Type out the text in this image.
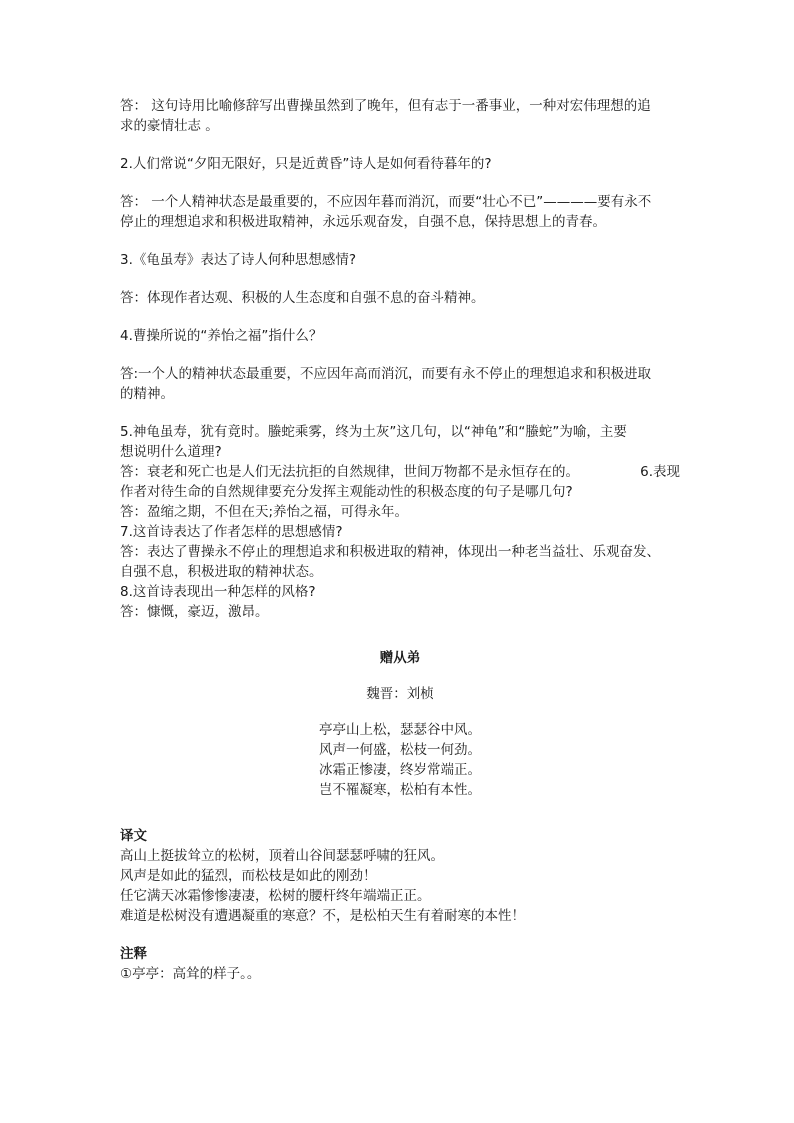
答： 这句诗用比喻修辞写出曹操虽然到了晚年，但有志于一番事业，一种对宏伟理想的追

求的豪情壮志 。

2.人们常说“夕阳无限好，只是近黄昏”诗人是如何看待暮年的?

答： 一个人精神状态是最重要的，不应因年暮而消沉，而要“壮心不已”————要有永不

停止的理想追求和积极进取精神，永远乐观奋发，自强不息，保持思想上的青春。

3.《龟虽寿》表达了诗人何种思想感情?

答：体现作者达观、积极的人生态度和自强不息的奋斗精神。

4.曹操所说的“养怡之福”指什么？

答:一个人的精神状态最重要，不应因年高而消沉，而要有永不停止的理想追求和积极进取

的精神。

5.神龟虽寿，犹有竟时。螣蛇乘雾，终为土灰”这几句，以“神龟”和“螣蛇”为喻，主要

想说明什么道理?

答：衰老和死亡也是人们无法抗拒的自然规律，世间万物都不是永恒存在的。	6.表现

作者对待生命的自然规律要充分发挥主观能动性的积极态度的句子是哪几句?

答：盈缩之期，不但在天;养怡之福，可得永年。

7.这首诗表达了作者怎样的思想感情?

答：表达了曹操永不停止的理想追求和积极进取的精神，体现出一种老当益壮、乐观奋发、

自强不息，积极进取的精神状态。

8.这首诗表现出一种怎样的风格?

答：慷慨，豪迈，激昂。

赠从弟

魏晋：刘桢

亭亭山上松，瑟瑟谷中风。

风声一何盛，松枝一何劲。

冰霜正惨凄，终岁常端正。

岂不罹凝寒，松柏有本性。

译文

高山上挺拔耸立的松树，顶着山谷间瑟瑟呼啸的狂风。

风声是如此的猛烈，而松枝是如此的刚劲！

任它满天冰霜惨惨凄凄，松树的腰杆终年端端正正。

难道是松树没有遭遇凝重的寒意？不，是松柏天生有着耐寒的本性！

注释

①亭亭：高耸的样子。。
